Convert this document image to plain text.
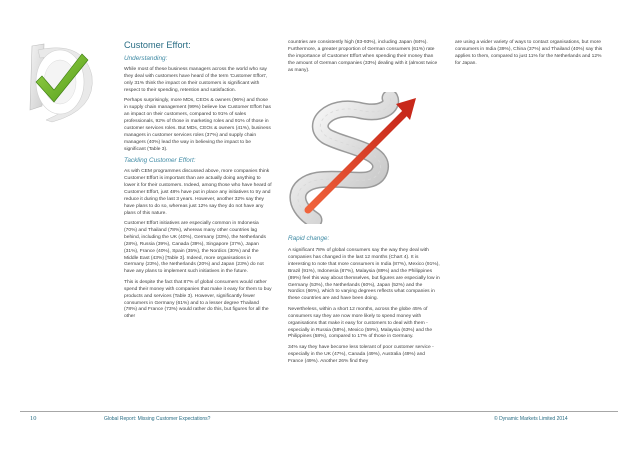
Customer Effort:
Understanding:

While most of these business managers across the world who say they deal with customers have heard of the term 'Customer Effort', only 31% think the impact on their customers is significant with respect to their spending, retention and satisfaction.

Perhaps surprisingly, more MDs, CEOs & owners (96%) and those in supply chain management (99%) believe low Customer Effort has an impact on their customers, compared to 91% of sales professionals, 92% of those in marketing roles and 91% of those in customer services roles. But MDs, CEOs & owners (41%), business managers in customer services roles (37%) and supply chain managers (40%) lead the way in believing the impact to be significant (Table 3).

Tackling Customer Effort:

As with CEM programmes discussed above, more companies think Customer Effort is important than are actually doing anything to lower it for their customers. Indeed, among those who have heard of Customer Effort, just 48% have put in place any initiatives to try and reduce it during the last 3 years. However, another 32% say they have plans to do so, whereas just 12% say they do not have any plans of this nature.

Customer Effort initiatives are especially common in Indonesia (70%) and Thailand (78%), whereas many other countries lag behind, including the UK (40%), Germany (33%), the Netherlands (28%), Russia (39%), Canada (39%), Singapore (37%), Japan (31%), France (40%), Spain (35%), the Nordics (30%) and the Middle East (43%) [Table 3]. Indeed, more organisations in Germany (23%), the Netherlands (20%) and Japan (23%) do not have any plans to implement such initiatives in the future.

This is despite the fact that 87% of global consumers would rather spend their money with companies that make it easy for them to buy products and services (Table 3). However, significantly fewer consumers in Germany (61%) and to a lesser degree Thailand (78%) and France (73%) would rather do this, but figures for all the other

countries are consistently high (83-93%), including Japan (84%). Furthermore, a greater proportion of German consumers (61%) rate the importance of Customer Effort when spending their money than the amount of German companies (33%) dealing with it (almost twice as many).

Rapid change:

A significant 78% of global consumers say the way they deal with companies has changed in the last 12 months (Chart 4). It is interesting to note that more consumers in India (87%), Mexico (91%), Brazil (91%), Indonesia (87%), Malaysia (89%) and the Philippines (89%) feel this way about themselves, but figures are especially low in Germany (53%), the Netherlands (60%), Japan (52%) and the Nordics (66%), which to varying degrees reflects what companies in these countries are and have been doing.

Nevertheless, within a short 12 months, across the globe 45% of consumers say they are now more likely to spend money with organisations that make it easy for customers to deal with them - especially in Russia (58%), Mexico (59%), Malaysia (63%) and the Philippines (58%), compared to 17% of those in Germany.

34% say they have become less tolerant of poor customer service - especially in the UK (47%), Canada (49%), Australia (49%) and France (49%). Another 26% find they

are using a wider variety of ways to contact organisations, but more consumers in India (39%), China (37%) and Thailand (40%) say this applies to them, compared to just 11% for the Netherlands and 12% for Japan.

10	Global Report: Missing Customer Expectations?	© Dynamic Markets Limited 2014
